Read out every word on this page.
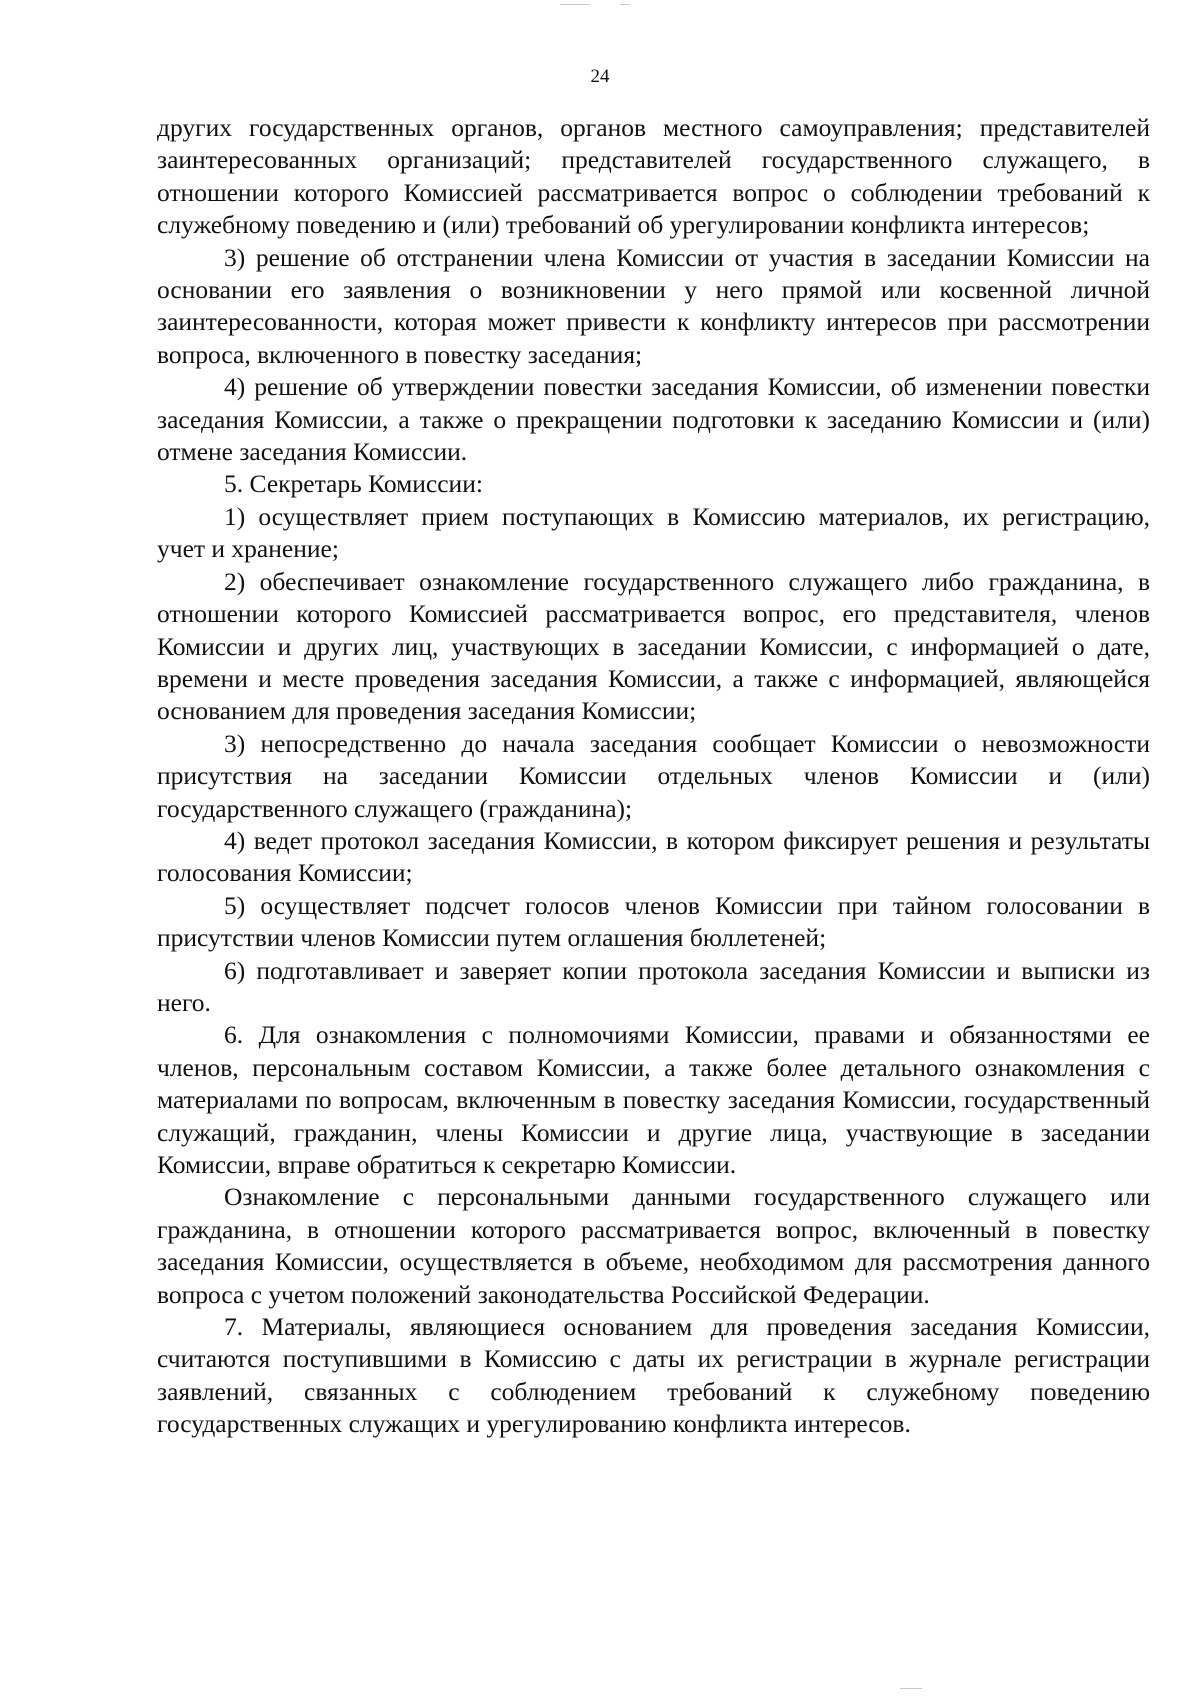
24

других государственных органов, органов местного самоуправления; представителей заинтересованных организаций; представителей государственного служащего, в отношении которого Комиссией рассматривается вопрос о соблюдении требований к служебному поведению и (или) требований об урегулировании конфликта интересов;

3) решение об отстранении члена Комиссии от участия в заседании Комиссии на основании его заявления о возникновении у него прямой или косвенной личной заинтересованности, которая может привести к конфликту интересов при рассмотрении вопроса, включенного в повестку заседания;

4) решение об утверждении повестки заседания Комиссии, об изменении повестки заседания Комиссии, а также о прекращении подготовки к заседанию Комиссии и (или) отмене заседания Комиссии.

5. Секретарь Комиссии:

1) осуществляет прием поступающих в Комиссию материалов, их регистрацию, учет и хранение;

2) обеспечивает ознакомление государственного служащего либо гражданина, в отношении которого Комиссией рассматривается вопрос, его представителя, членов Комиссии и других лиц, участвующих в заседании Комиссии, с информацией о дате, времени и месте проведения заседания Комиссии, а также с информацией, являющейся основанием для проведения заседания Комиссии;

3) непосредственно до начала заседания сообщает Комиссии о невозможности присутствия на заседании Комиссии отдельных членов Комиссии и (или) государственного служащего (гражданина);

4) ведет протокол заседания Комиссии, в котором фиксирует решения и результаты голосования Комиссии;

5) осуществляет подсчет голосов членов Комиссии при тайном голосовании в присутствии членов Комиссии путем оглашения бюллетеней;

6) подготавливает и заверяет копии протокола заседания Комиссии и выписки из него.

6. Для ознакомления с полномочиями Комиссии, правами и обязанностями ее членов, персональным составом Комиссии, а также более детального ознакомления с материалами по вопросам, включенным в повестку заседания Комиссии, государственный служащий, гражданин, члены Комиссии и другие лица, участвующие в заседании Комиссии, вправе обратиться к секретарю Комиссии.

Ознакомление с персональными данными государственного служащего или гражданина, в отношении которого рассматривается вопрос, включенный в повестку заседания Комиссии, осуществляется в объеме, необходимом для рассмотрения данного вопроса с учетом положений законодательства Российской Федерации.

7. Материалы, являющиеся основанием для проведения заседания Комиссии, считаются поступившими в Комиссию с даты их регистрации в журнале регистрации заявлений, связанных с соблюдением требований к служебному поведению государственных служащих и урегулированию конфликта интересов.
